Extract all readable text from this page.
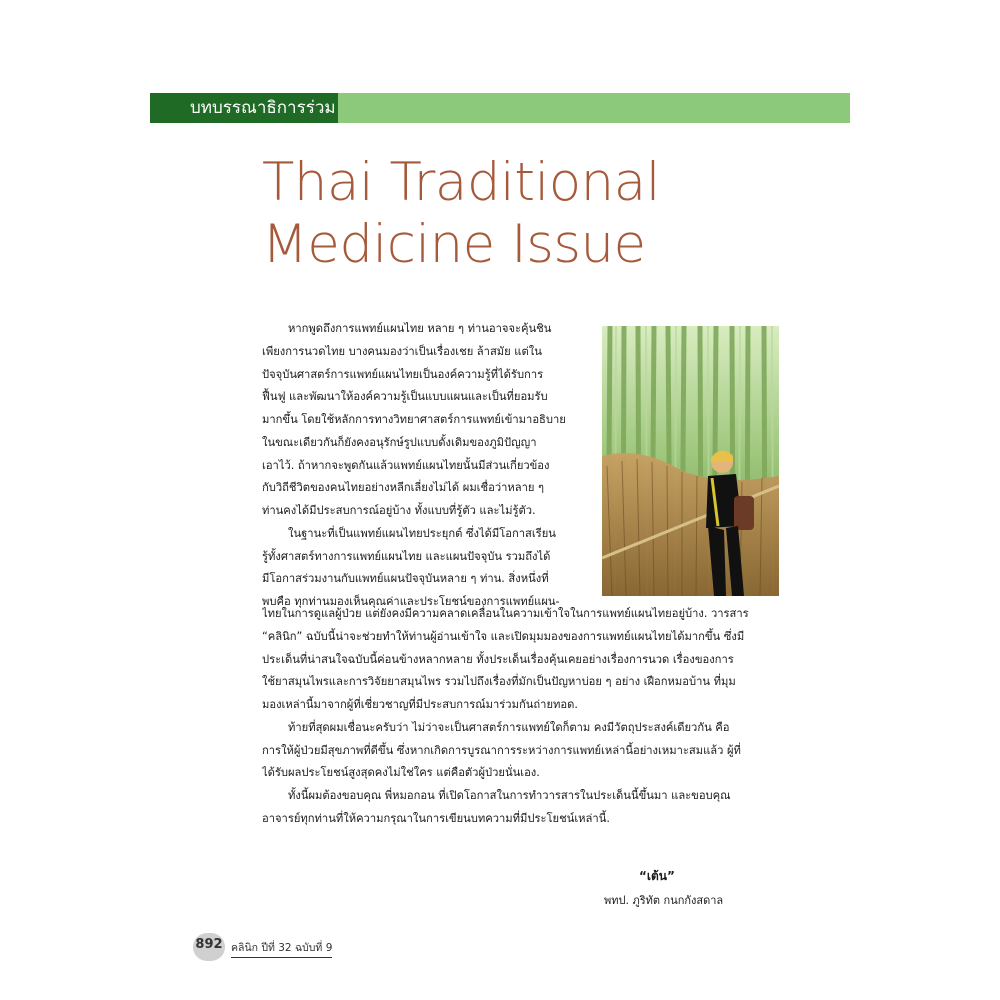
บทบรรณาธิการร่วม
Thai Traditional
Medicine Issue

หากพูดถึงการแพทย์แผนไทย หลาย ๆ ท่านอาจจะคุ้นชิน
เพียงการนวดไทย บางคนมองว่าเป็นเรื่องเชย ล้าสมัย แต่ใน
ปัจจุบันศาสตร์การแพทย์แผนไทยเป็นองค์ความรู้ที่ได้รับการ
ฟื้นฟู และพัฒนาให้องค์ความรู้เป็นแบบแผนและเป็นที่ยอมรับ
มากขึ้น โดยใช้หลักการทางวิทยาศาสตร์การแพทย์เข้ามาอธิบาย
ในขณะเดียวกันก็ยังคงอนุรักษ์รูปแบบดั้งเดิมของภูมิปัญญา
เอาไว้. ถ้าหากจะพูดกันแล้วแพทย์แผนไทยนั้นมีส่วนเกี่ยวข้อง
กับวิถีชีวิตของคนไทยอย่างหลีกเลี่ยงไม่ได้ ผมเชื่อว่าหลาย ๆ
ท่านคงได้มีประสบการณ์อยู่บ้าง ทั้งแบบที่รู้ตัว และไม่รู้ตัว.

ในฐานะที่เป็นแพทย์แผนไทยประยุกต์ ซึ่งได้มีโอกาสเรียน
รู้ทั้งศาสตร์ทางการแพทย์แผนไทย และแผนปัจจุบัน รวมถึงได้
มีโอกาสร่วมงานกับแพทย์แผนปัจจุบันหลาย ๆ ท่าน. สิ่งหนึ่งที่
พบคือ ทุกท่านมองเห็นคุณค่าและประโยชน์ของการแพทย์แผน-

ไทยในการดูแลผู้ป่วย แต่ยังคงมีความคลาดเคลื่อนในความเข้าใจในการแพทย์แผนไทยอยู่บ้าง. วารสาร
“คลินิก” ฉบับนี้น่าจะช่วยทำให้ท่านผู้อ่านเข้าใจ และเปิดมุมมองของการแพทย์แผนไทยได้มากขึ้น ซึ่งมี
ประเด็นที่น่าสนใจฉบับนี้ค่อนข้างหลากหลาย ทั้งประเด็นเรื่องคุ้นเคยอย่างเรื่องการนวด เรื่องของการ
ใช้ยาสมุนไพรและการวิจัยยาสมุนไพร รวมไปถึงเรื่องที่มักเป็นปัญหาบ่อย ๆ อย่าง เฝือกหมอบ้าน ที่มุม
มองเหล่านี้มาจากผู้ที่เชี่ยวชาญที่มีประสบการณ์มาร่วมกันถ่ายทอด.

ท้ายที่สุดผมเชื่อนะครับว่า ไม่ว่าจะเป็นศาสตร์การแพทย์ใดก็ตาม คงมีวัตถุประสงค์เดียวกัน คือ
การให้ผู้ป่วยมีสุขภาพที่ดีขึ้น ซึ่งหากเกิดการบูรณาการระหว่างการแพทย์เหล่านี้อย่างเหมาะสมแล้ว ผู้ที่
ได้รับผลประโยชน์สูงสุดคงไม่ใช่ใคร แต่คือตัวผู้ป่วยนั่นเอง.

ทั้งนี้ผมต้องขอบคุณ พี่หมอกอน ที่เปิดโอกาสในการทำวารสารในประเด็นนี้ขึ้นมา และขอบคุณ
อาจารย์ทุกท่านที่ให้ความกรุณาในการเขียนบทความที่มีประโยชน์เหล่านี้.

“เต้น”
พทป. ภูริทัต กนกกังสดาล
892 คลินิก ปีที่ 32 ฉบับที่ 9
